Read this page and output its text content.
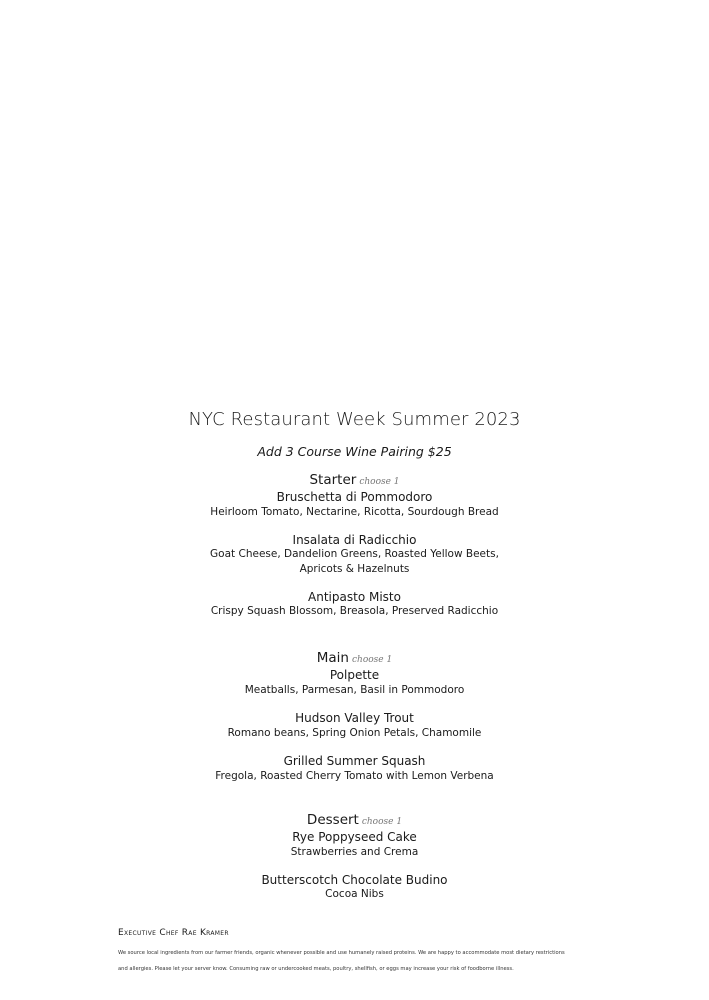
NYC Restaurant Week Summer 2023
Add 3 Course Wine Pairing $25
Starter choose 1
Bruschetta di Pommodoro
Heirloom Tomato, Nectarine, Ricotta, Sourdough Bread
Insalata di Radicchio
Goat Cheese, Dandelion Greens, Roasted Yellow Beets,
Apricots & Hazelnuts
Antipasto Misto
Crispy Squash Blossom, Breasola, Preserved Radicchio
Main choose 1
Polpette
Meatballs, Parmesan, Basil in Pommodoro
Hudson Valley Trout
Romano beans, Spring Onion Petals, Chamomile
Grilled Summer Squash
Fregola, Roasted Cherry Tomato with Lemon Verbena
Dessert choose 1
Rye Poppyseed Cake
Strawberries and Crema
Butterscotch Chocolate Budino
Cocoa Nibs
Executive Chef Rae Kramer
We source local ingredients from our farmer friends, organic whenever possible and use humanely raised proteins. We are happy to accommodate most dietary restrictions
and allergies. Please let your server know. Consuming raw or undercooked meats, poultry, shellfish, or eggs may increase your risk of foodborne illness.
